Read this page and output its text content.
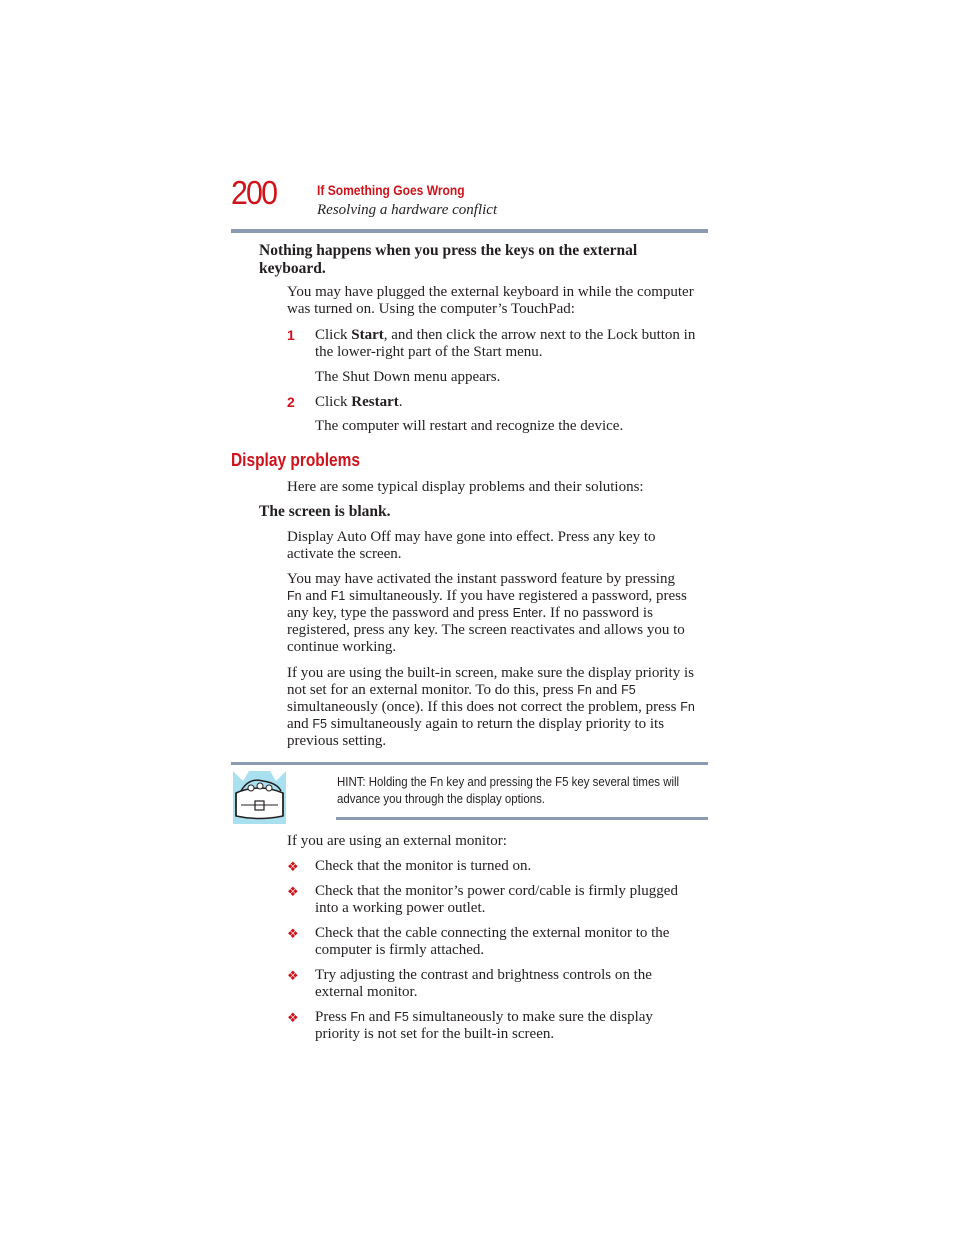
200	If Something Goes Wrong
Resolving a hardware conflict
Nothing happens when you press the keys on the external keyboard.
You may have plugged the external keyboard in while the computer
was turned on. Using the computer’s TouchPad:
1 Click Start, and then click the arrow next to the Lock button in
the lower-right part of the Start menu.
The Shut Down menu appears.
2 Click Restart.
The computer will restart and recognize the device.
Display problems
Here are some typical display problems and their solutions:
The screen is blank.
Display Auto Off may have gone into effect. Press any key to
activate the screen.
You may have activated the instant password feature by pressing
Fn and F1 simultaneously. If you have registered a password, press
any key, type the password and press Enter. If no password is
registered, press any key. The screen reactivates and allows you to
continue working.
If you are using the built-in screen, make sure the display priority is
not set for an external monitor. To do this, press Fn and F5
simultaneously (once). If this does not correct the problem, press Fn
and F5 simultaneously again to return the display priority to its
previous setting.
HINT: Holding the Fn key and pressing the F5 key several times will
advance you through the display options.
If you are using an external monitor:
❖ Check that the monitor is turned on.
❖ Check that the monitor’s power cord/cable is firmly plugged
into a working power outlet.
❖ Check that the cable connecting the external monitor to the
computer is firmly attached.
❖ Try adjusting the contrast and brightness controls on the
external monitor.
❖ Press Fn and F5 simultaneously to make sure the display
priority is not set for the built-in screen.
